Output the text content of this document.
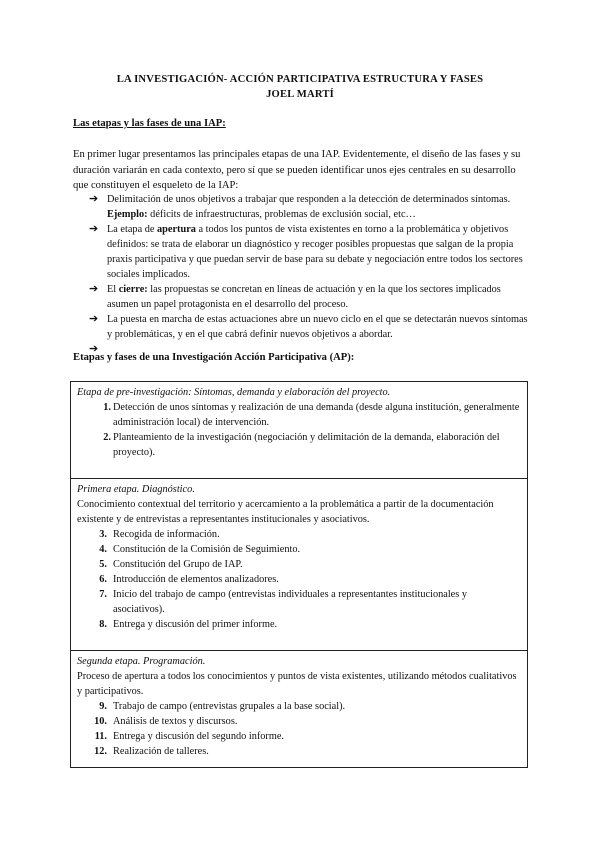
LA INVESTIGACIÓN- ACCIÓN PARTICIPATIVA ESTRUCTURA Y FASES
JOEL MARTÍ
Las etapas y las fases de una IAP:
En primer lugar presentamos las principales etapas de una IAP. Evidentemente, el diseño de las fases y su duración variarán en cada contexto, pero sí que se pueden identificar unos ejes centrales en su desarrollo que constituyen el esqueleto de la IAP:
➔ Delimitación de unos objetivos a trabajar que responden a la detección de determinados síntomas. Ejemplo: déficits de infraestructuras, problemas de exclusión social, etc…
➔ La etapa de apertura a todos los puntos de vista existentes en torno a la problemática y objetivos definidos: se trata de elaborar un diagnóstico y recoger posibles propuestas que salgan de la propia praxis participativa y que puedan servir de base para su debate y negociación entre todos los sectores sociales implicados.
➔ El cierre: las propuestas se concretan en líneas de actuación y en la que los sectores implicados asumen un papel protagonista en el desarrollo del proceso.
➔ La puesta en marcha de estas actuaciones abre un nuevo ciclo en el que se detectarán nuevos síntomas y problemáticas, y en el que cabrá definir nuevos objetivos a abordar.
➔
Etapas y fases de una Investigación Acción Participativa (AP):
Etapa de pre-investigación: Síntomas, demanda y elaboración del proyecto.
1. Detección de unos síntomas y realización de una demanda (desde alguna institución, generalmente administración local) de intervención.
2. Planteamiento de la investigación (negociación y delimitación de la demanda, elaboración del proyecto).
Primera etapa. Diagnóstico.
Conocimiento contextual del territorio y acercamiento a la problemática a partir de la documentación existente y de entrevistas a representantes institucionales y asociativos.
3. Recogida de información.
4. Constitución de la Comisión de Seguimiento.
5. Constitución del Grupo de IAP.
6. Introducción de elementos analizadores.
7. Inicio del trabajo de campo (entrevistas individuales a representantes institucionales y asociativos).
8. Entrega y discusión del primer informe.
Segunda etapa. Programación.
Proceso de apertura a todos los conocimientos y puntos de vista existentes, utilizando métodos cualitativos y participativos.
9. Trabajo de campo (entrevistas grupales a la base social).
10. Análisis de textos y discursos.
11. Entrega y discusión del segundo informe.
12. Realización de talleres.
